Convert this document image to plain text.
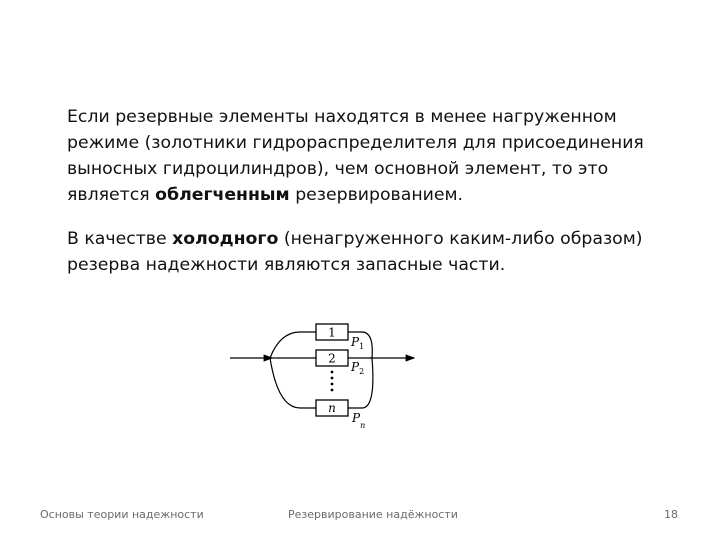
Если резервные элементы находятся в менее нагруженном режиме (золотники гидрораспределителя для присоединения выносных гидроцилиндров), чем основной элемент, то это является облегченным резервированием.

В качестве холодного (ненагруженного каким-либо образом) резерва надежности являются запасные части.

1
2
n
$P_1$
$P_2$
$P_n$
Основы теории надежности	Резервирование надёжности	18
